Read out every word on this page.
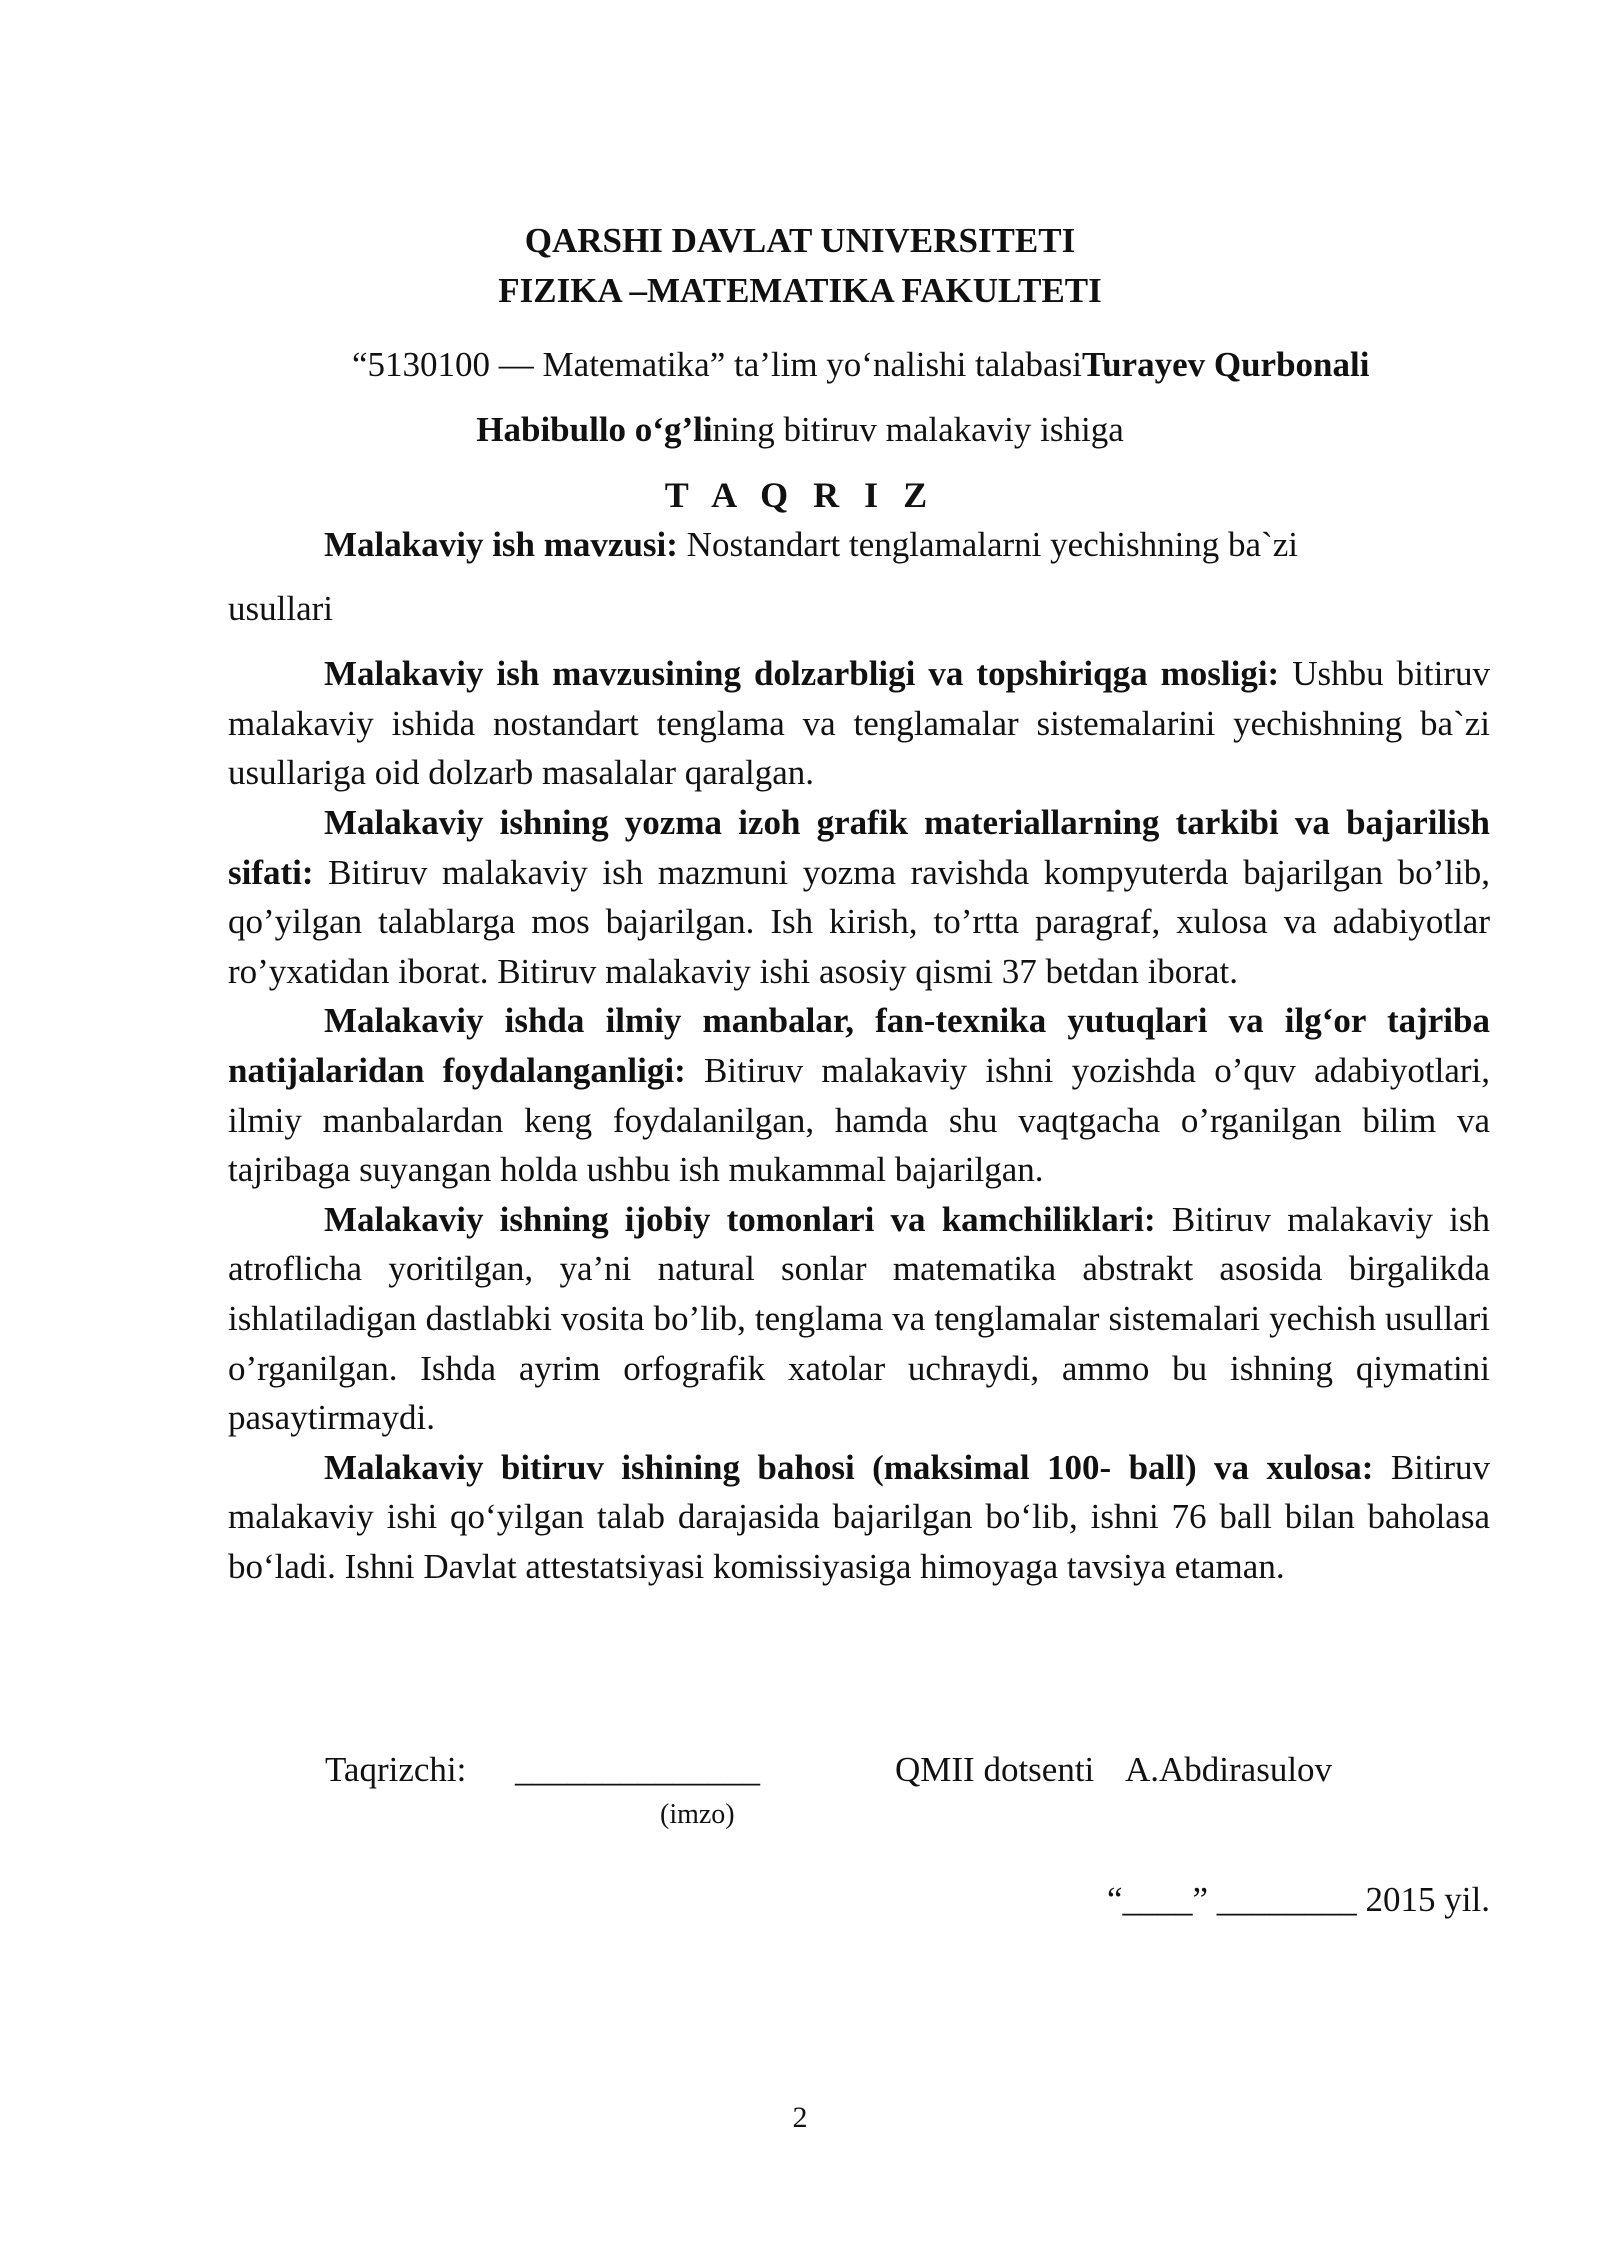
QARSHI DAVLAT UNIVERSITETI
FIZIKA –MATEMATIKA FAKULTETI
“5130100 — Matematika” ta’lim yo‘nalishi talabasiTurayev Qurbonali
Habibullo o‘g’lining bitiruv malakaviy ishiga
T A Q R I Z

Malakaviy ish mavzusi: Nostandart tenglamalarni yechishning ba`zi

usullari

Malakaviy ish mavzusining dolzarbligi va topshiriqga mosligi: Ushbu bitiruv malakaviy ishida nostandart tenglama va tenglamalar sistemalarini yechishning ba`zi usullariga oid dolzarb masalalar qaralgan.

Malakaviy ishning yozma izoh grafik materiallarning tarkibi va bajarilish sifati: Bitiruv malakaviy ish mazmuni yozma ravishda kompyuterda bajarilgan bo’lib, qo’yilgan talablarga mos bajarilgan. Ish kirish, to’rtta paragraf, xulosa va adabiyotlar ro’yxatidan iborat. Bitiruv malakaviy ishi asosiy qismi 37 betdan iborat.

Malakaviy ishda ilmiy manbalar, fan-texnika yutuqlari va ilg‘or tajriba natijalaridan foydalanganligi: Bitiruv malakaviy ishni yozishda o’quv adabiyotlari, ilmiy manbalardan keng foydalanilgan, hamda shu vaqtgacha o’rganilgan bilim va tajribaga suyangan holda ushbu ish mukammal bajarilgan.

Malakaviy ishning ijobiy tomonlari va kamchiliklari: Bitiruv malakaviy ish atroflicha yoritilgan, ya’ni natural sonlar matematika abstrakt asosida birgalikda ishlatiladigan dastlabki vosita bo’lib, tenglama va tenglamalar sistemalari yechish usullari o’rganilgan. Ishda ayrim orfografik xatolar uchraydi, ammo bu ishning qiymatini pasaytirmaydi.

Malakaviy bitiruv ishining bahosi (maksimal 100- ball) va xulosa: Bitiruv malakaviy ishi qo‘yilgan talab darajasida bajarilgan bo‘lib, ishni 76 ball bilan baholasa bo‘ladi. Ishni Davlat attestatsiyasi komissiyasiga himoyaga tavsiya etaman.

Taqrizchi: ______________	QMII dotsenti A.Abdirasulov
(imzo)
“____” ________ 2015 yil.
2
